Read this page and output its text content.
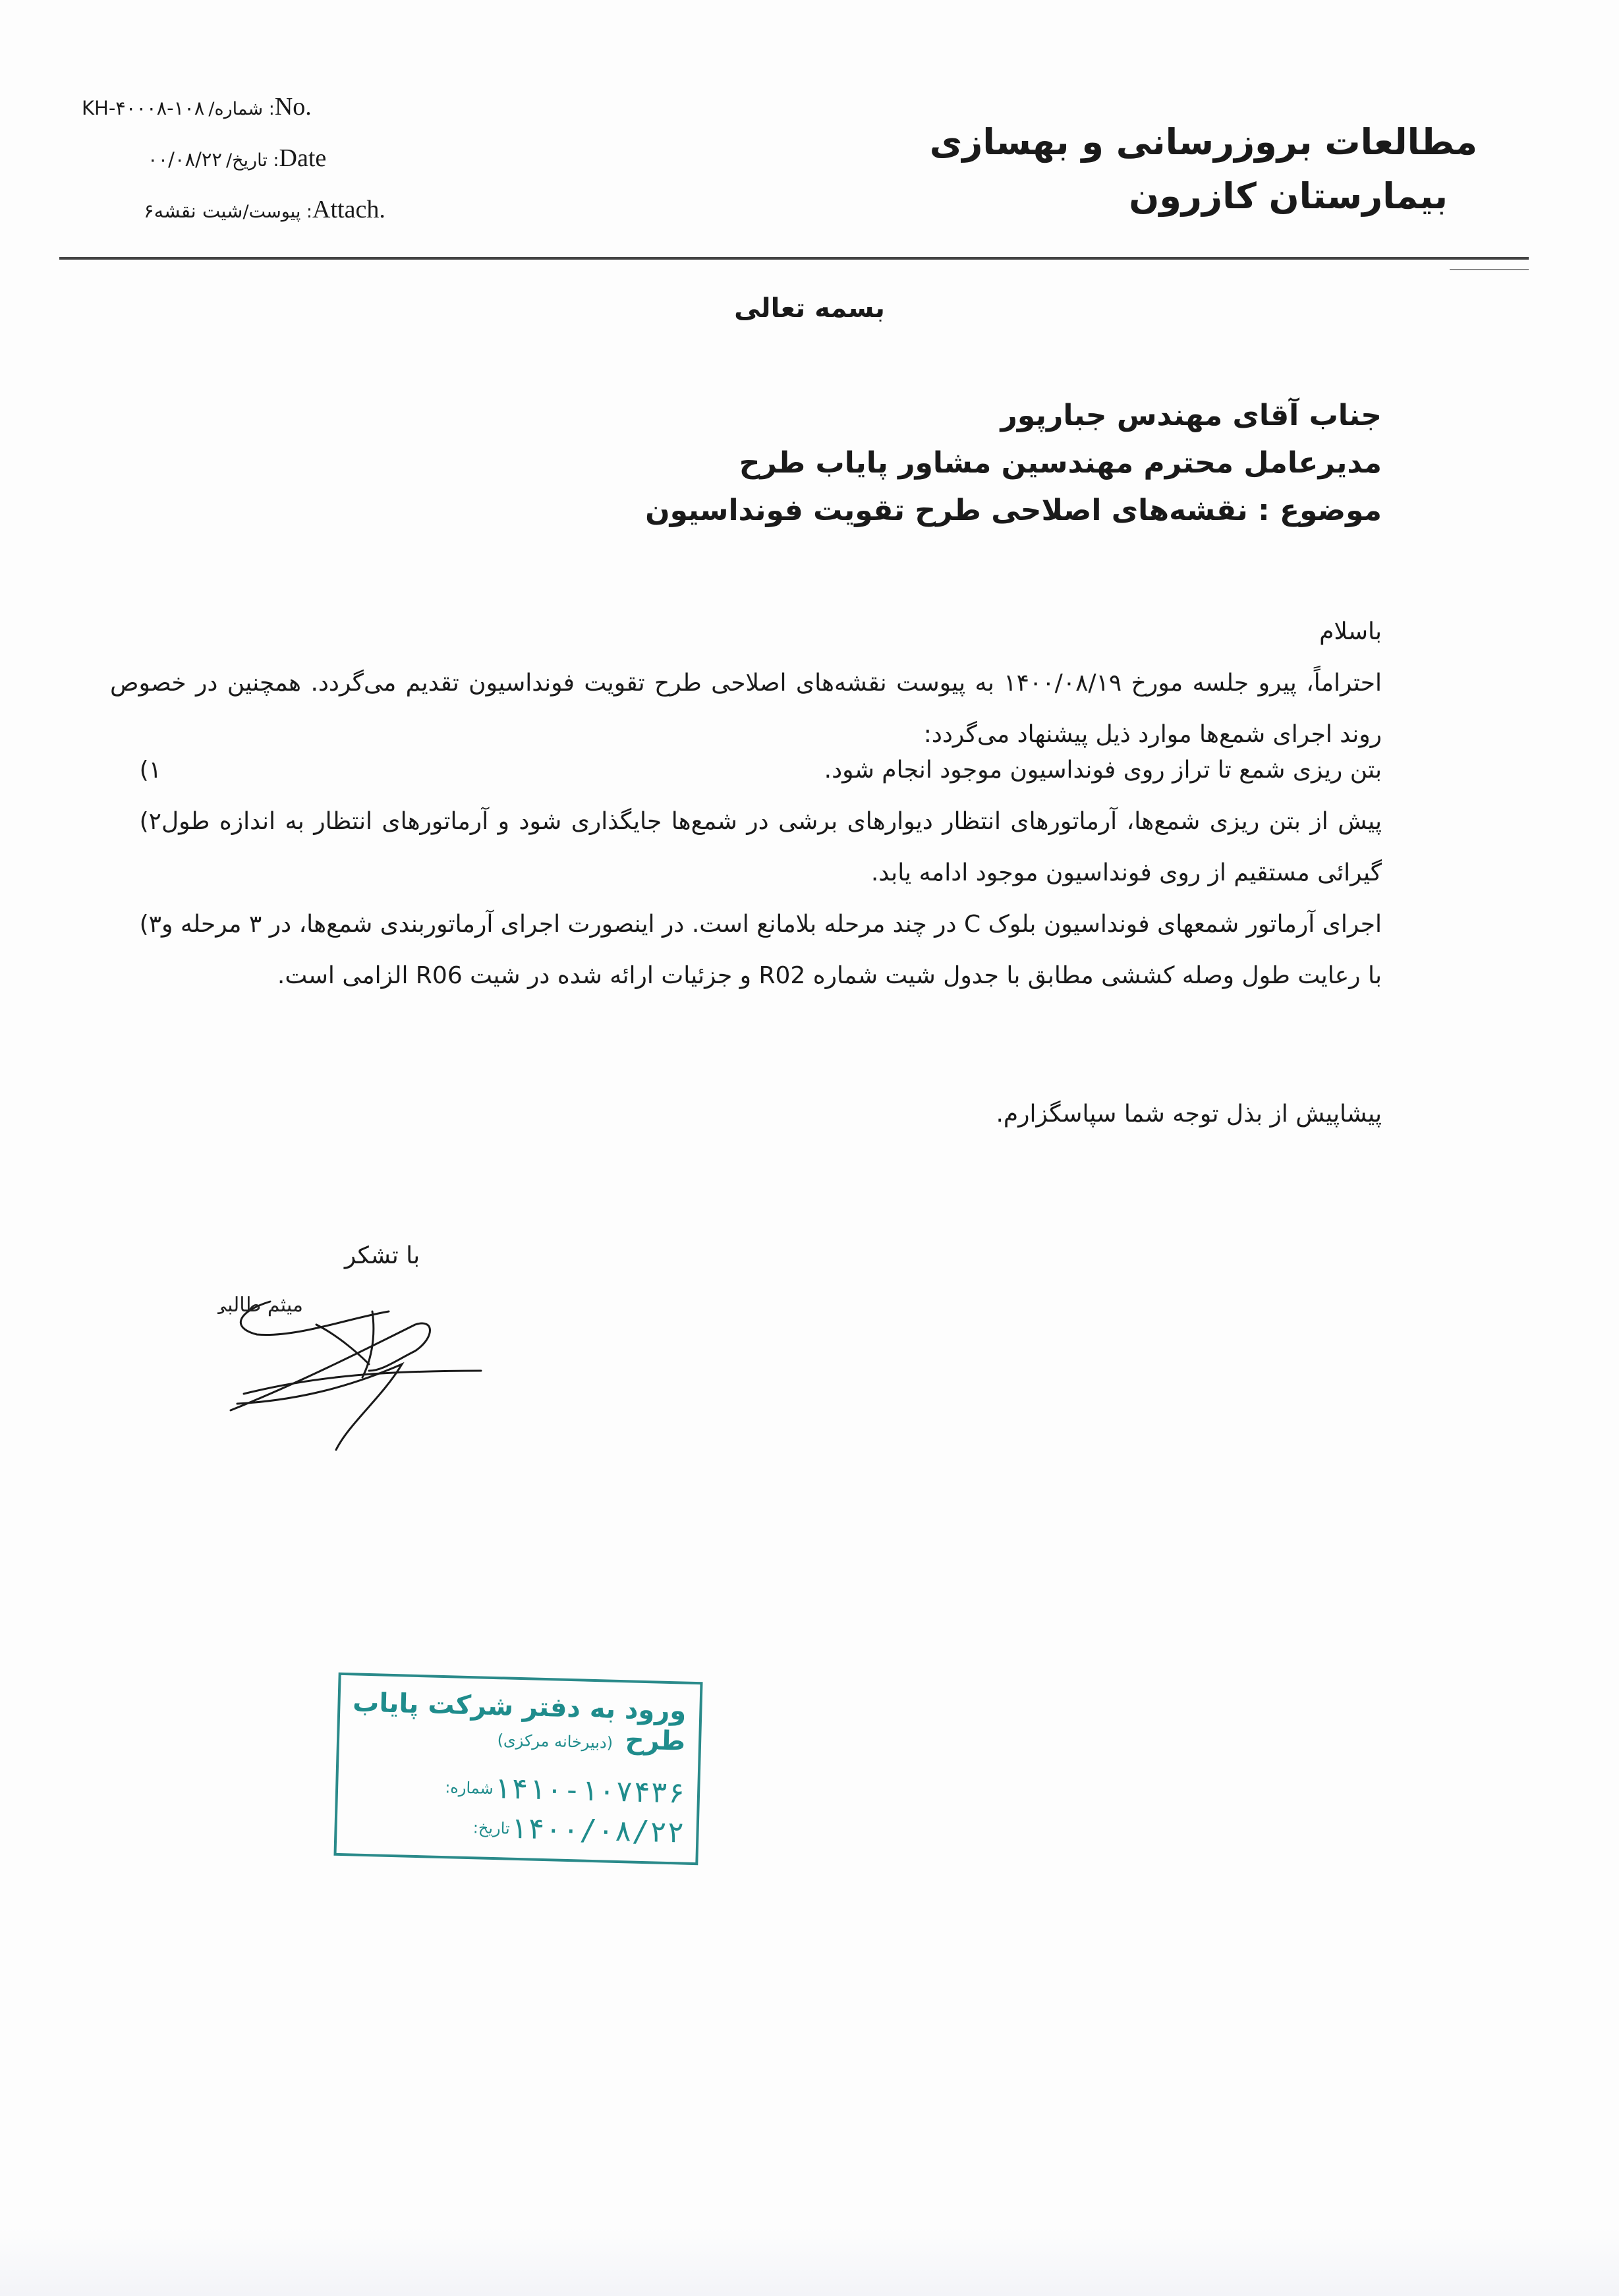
مطالعات بروزرسانی و بهسازی
بیمارستان کازرون
KH-۴۰۰۰۸-۱۰۸ /شماره : No.
۰۰/۰۸/۲۲ /تاریخ : Date
۶شیت نقشه /پیوست : Attach.
بسمه تعالی
جناب آقای مهندس جبارپور
مدیرعامل محترم مهندسین مشاور پایاب طرح
موضوع : نقشه‌های اصلاحی طرح تقویت فونداسیون

باسلام

احتراماً، پیرو جلسه مورخ ۱۴۰۰/۰۸/۱۹ به پیوست نقشه‌های اصلاحی طرح تقویت فونداسیون تقدیم می‌گردد. همچنین در خصوص روند اجرای شمع‌ها موارد ذیل پیشنهاد می‌گردد:

۱)	بتن ریزی شمع تا تراز روی فونداسیون موجود انجام شود.
۲) پیش از بتن ریزی شمع‌ها، آرماتورهای انتظار دیوارهای برشی در شمع‌ها جایگذاری شود و آرماتورهای انتظار به اندازه طول گیرائی مستقیم از روی فونداسیون موجود ادامه یابد.
۳) اجرای آرماتور شمعهای فونداسیون بلوک C در چند مرحله بلامانع است. در اینصورت اجرای آرماتوربندی شمع‌ها، در ۳ مرحله و با رعایت طول وصله کششی مطابق با جدول شیت شماره R02 و جزئیات ارائه شده در شیت R06 الزامی است.
پیشاپیش از بذل توجه شما سپاسگزارم.
با تشکر
میثم طالبی
ورود به دفتر شرکت پایاب طرح
(دبیرخانه مرکزی)
شماره:
۱۴۱۰-۱۰۷۴۳۶
تاریخ:
۱۴۰۰/۰۸/۲۲
